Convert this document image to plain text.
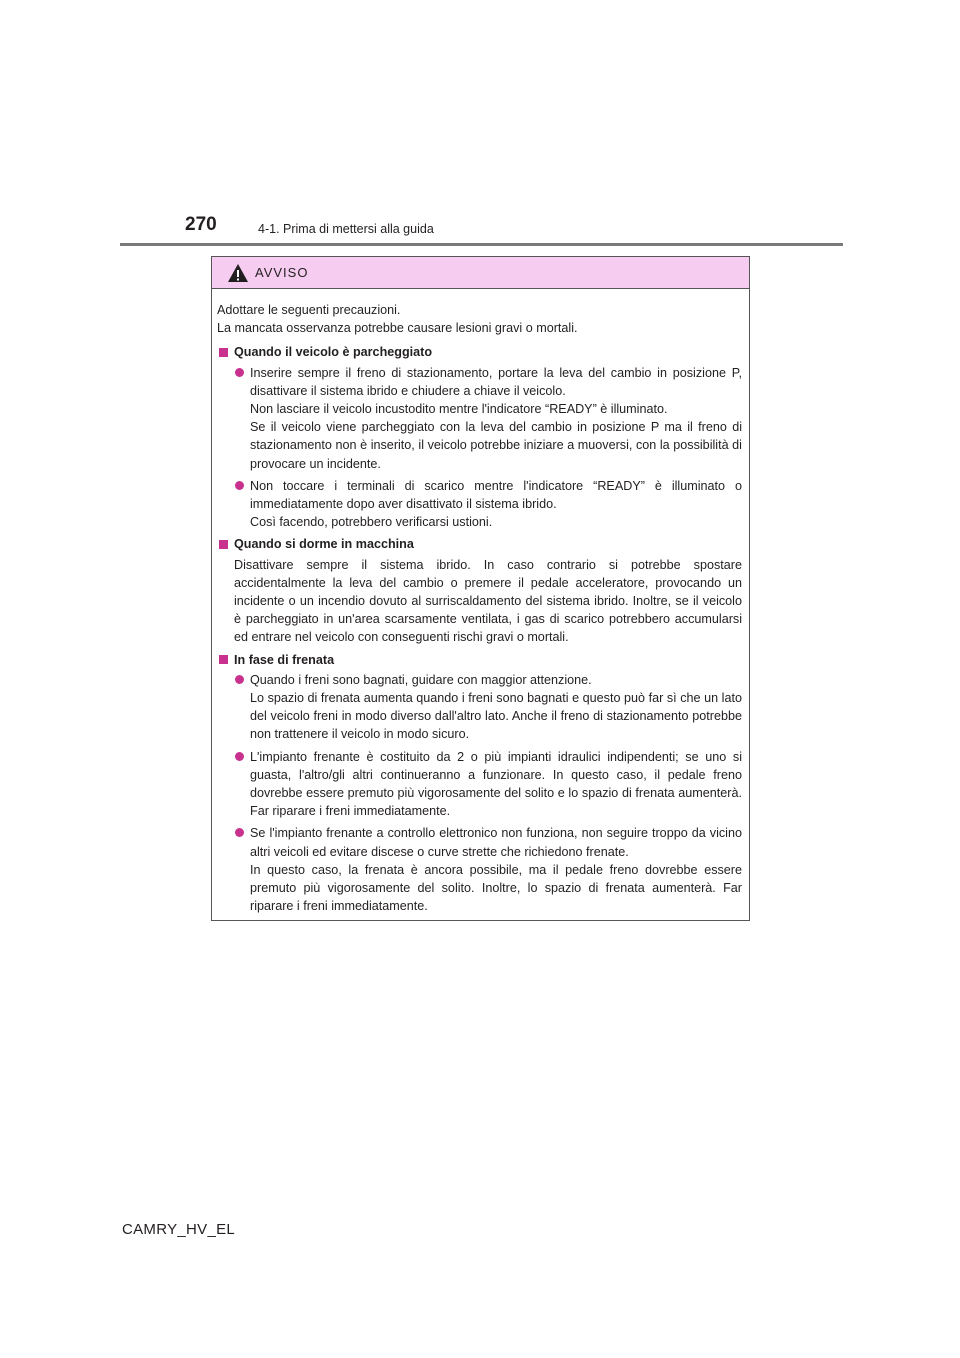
270	4-1. Prima di mettersi alla guida
AVVISO

Adottare le seguenti precauzioni.

La mancata osservanza potrebbe causare lesioni gravi o mortali.

Quando il veicolo è parcheggiato

Inserire sempre il freno di stazionamento, portare la leva del cambio in posizione P, disattivare il sistema ibrido e chiudere a chiave il veicolo.

Non lasciare il veicolo incustodito mentre l'indicatore “READY” è illuminato.

Se il veicolo viene parcheggiato con la leva del cambio in posizione P ma il freno di stazionamento non è inserito, il veicolo potrebbe iniziare a muoversi, con la possibilità di provocare un incidente.

Non toccare i terminali di scarico mentre l'indicatore “READY” è illuminato o immediatamente dopo aver disattivato il sistema ibrido.

Così facendo, potrebbero verificarsi ustioni.

Quando si dorme in macchina
Disattivare sempre il sistema ibrido. In caso contrario si potrebbe spostare accidentalmente la leva del cambio o premere il pedale acceleratore, provocando un incidente o un incendio dovuto al surriscaldamento del sistema ibrido. Inoltre, se il veicolo è parcheggiato in un'area scarsamente ventilata, i gas di scarico potrebbero accumularsi ed entrare nel veicolo con conseguenti rischi gravi o mortali.
In fase di frenata

Quando i freni sono bagnati, guidare con maggior attenzione.

Lo spazio di frenata aumenta quando i freni sono bagnati e questo può far sì che un lato del veicolo freni in modo diverso dall'altro lato. Anche il freno di stazionamento potrebbe non trattenere il veicolo in modo sicuro.

L'impianto frenante è costituito da 2 o più impianti idraulici indipendenti; se uno si guasta, l'altro/gli altri continueranno a funzionare. In questo caso, il pedale freno dovrebbe essere premuto più vigorosamente del solito e lo spazio di frenata aumenterà. Far riparare i freni immediatamente.

Se l'impianto frenante a controllo elettronico non funziona, non seguire troppo da vicino altri veicoli ed evitare discese o curve strette che richiedono frenate.

In questo caso, la frenata è ancora possibile, ma il pedale freno dovrebbe essere premuto più vigorosamente del solito. Inoltre, lo spazio di frenata aumenterà. Far riparare i freni immediatamente.

CAMRY_HV_EL
